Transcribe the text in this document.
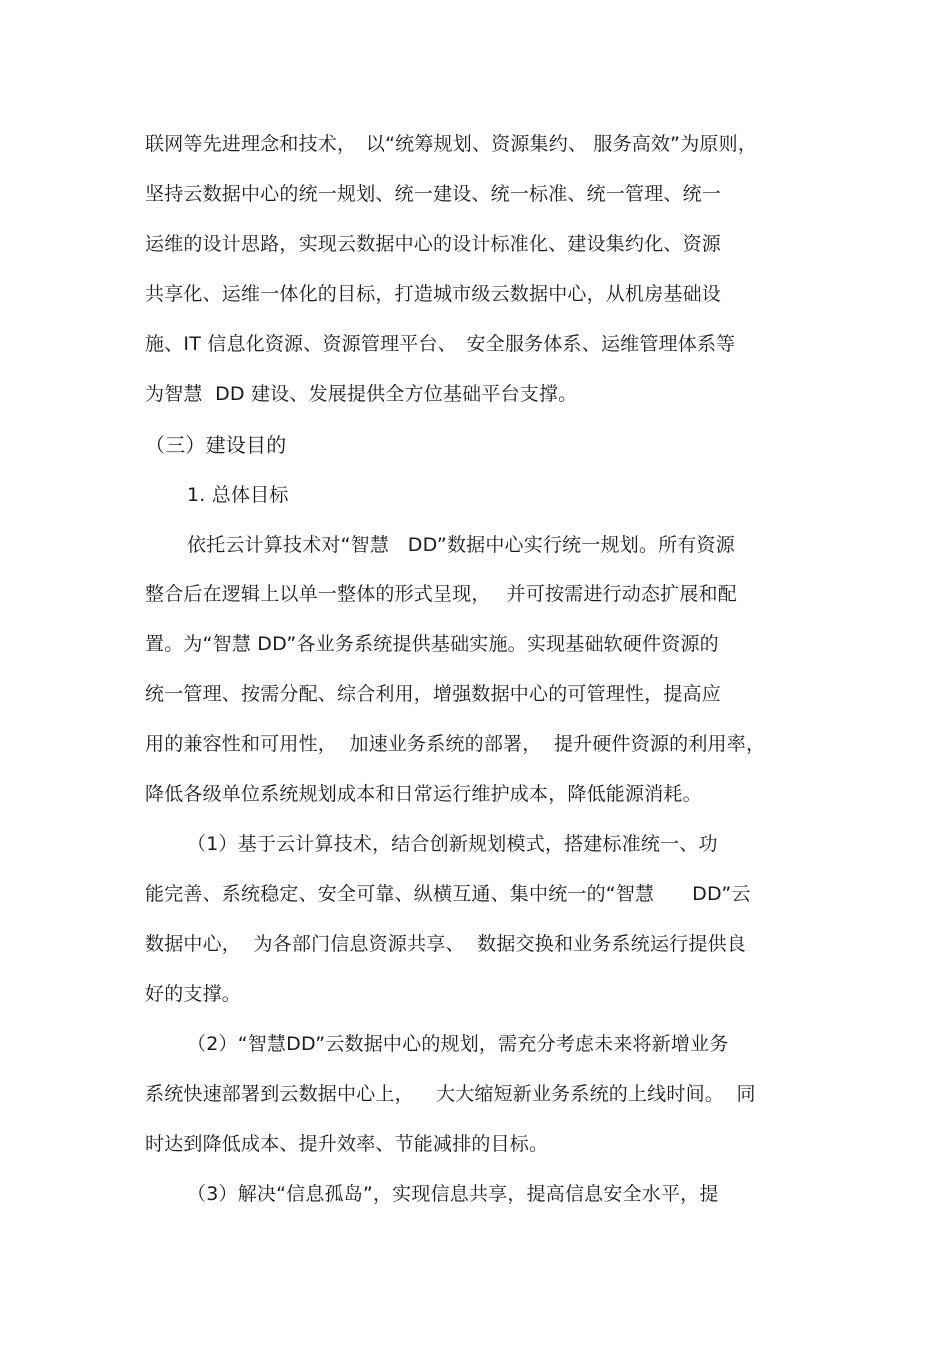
联网等先进理念和技术，　以“统筹规划、资源集约、 服务高效”为原则，
坚持云数据中心的统一规划、统一建设、统一标准、统一管理、统一
运维的设计思路，实现云数据中心的设计标准化、建设集约化、资源
共享化、运维一体化的目标，打造城市级云数据中心，从机房基础设
施、IT 信息化资源、资源管理平台、　安全服务体系、运维管理体系等
为智慧  DD 建设、发展提供全方位基础平台支撑。
（三）建设目的
1. 总体目标
依托云计算技术对“智慧   DD”数据中心实行统一规划。所有资源
整合后在逻辑上以单一整体的形式呈现，　 并可按需进行动态扩展和配
置。为“智慧 DD”各业务系统提供基础实施。实现基础软硬件资源的
统一管理、按需分配、综合利用，增强数据中心的可管理性，提高应
用的兼容性和可用性，  加速业务系统的部署，  提升硬件资源的利用率，
降低各级单位系统规划成本和日常运行维护成本，降低能源消耗。
（1）基于云计算技术，结合创新规划模式，搭建标准统一、功
能完善、系统稳定、安全可靠、纵横互通、集中统一的“智慧　   DD”云
数据中心，  为各部门信息资源共享、  数据交换和业务系统运行提供良
好的支撑。
（2）“智慧DD”云数据中心的规划，需充分考虑未来将新增业务
系统快速部署到云数据中心上，　  大大缩短新业务系统的上线时间。  同
时达到降低成本、提升效率、节能减排的目标。
（3）解决“信息孤岛”，实现信息共享，提高信息安全水平，提
